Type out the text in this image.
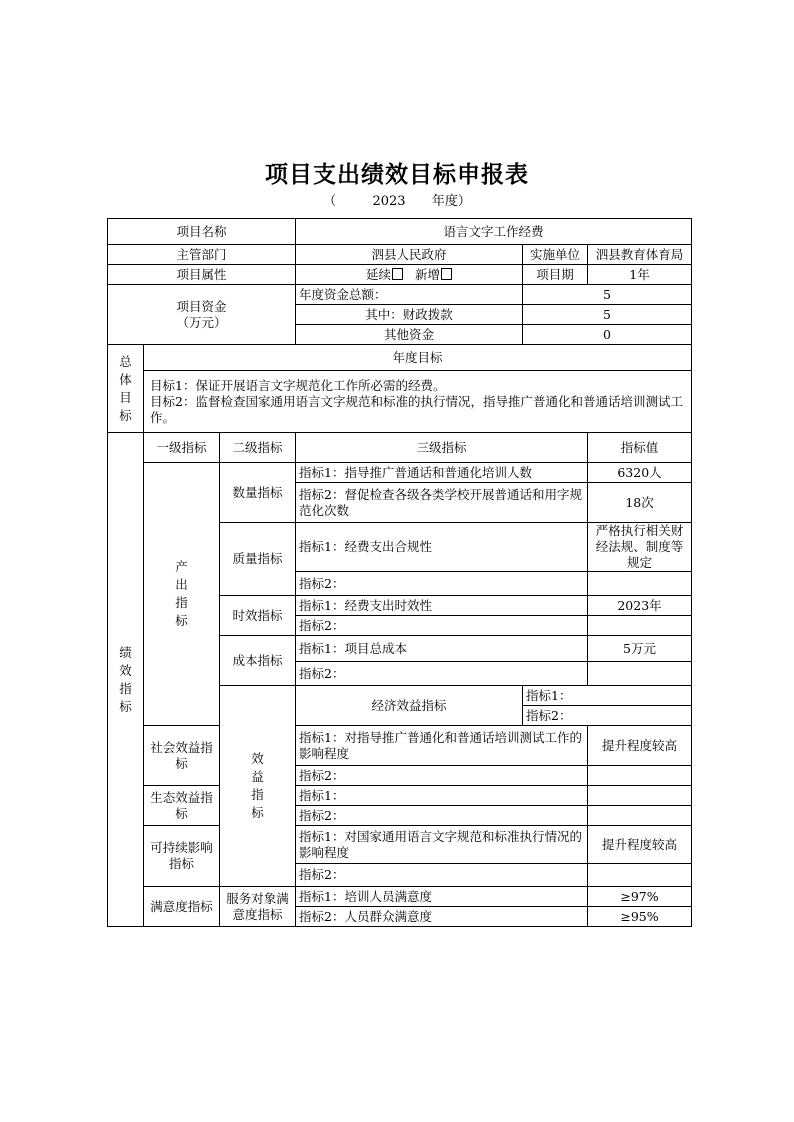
项目支出绩效目标申报表
（	2023 年度）
项目名称			语言文字工作经费			
主管部门			泗县人民政府	实施单位	泗县教育体育局	
项目属性			延续 新增	项目期	1年	
项目资金
（万元）			年度资金总额：	5		
			其中：财政拨款	5		
			其他资金	0		
总体目标	年度目标					

	目标1：保证开展语言文字规范化工作所必需的经费。
目标2：监督检查国家通用语言文字规范和标准的执行情况，指导推广普通化和普通话培训测试工作。					

绩效指标	一级指标	二级指标	三级指标		指标值	
	产出指标	数量指标	指标1：指导推广普通话和普通化培训人数		6320人	
			指标2：督促检查各级各类学校开展普通话和用字规范化次数		18次	
		质量指标	指标1：经费支出合规性		严格执行相关财经法规、制度等规定	
			指标2：			
		时效指标	指标1：经费支出时效性		2023年	
			指标2：			
		成本指标	指标1：项目总成本		5万元	
			指标2：			
		效益指标	经济效益指标	指标1：		
				指标2：		
	社会效益指标		指标1：对指导推广普通化和普通话培训测试工作的影响程度		提升程度较高	
			指标2：			
	生态效益指标		指标1：			
			指标2：			
	可持续影响指标		指标1：对国家通用语言文字规范和标准执行情况的影响程度		提升程度较高	
			指标2：			
	满意度指标	服务对象满意度指标	指标1：培训人员满意度		≥97%	
			指标2：人员群众满意度		≥95%	
